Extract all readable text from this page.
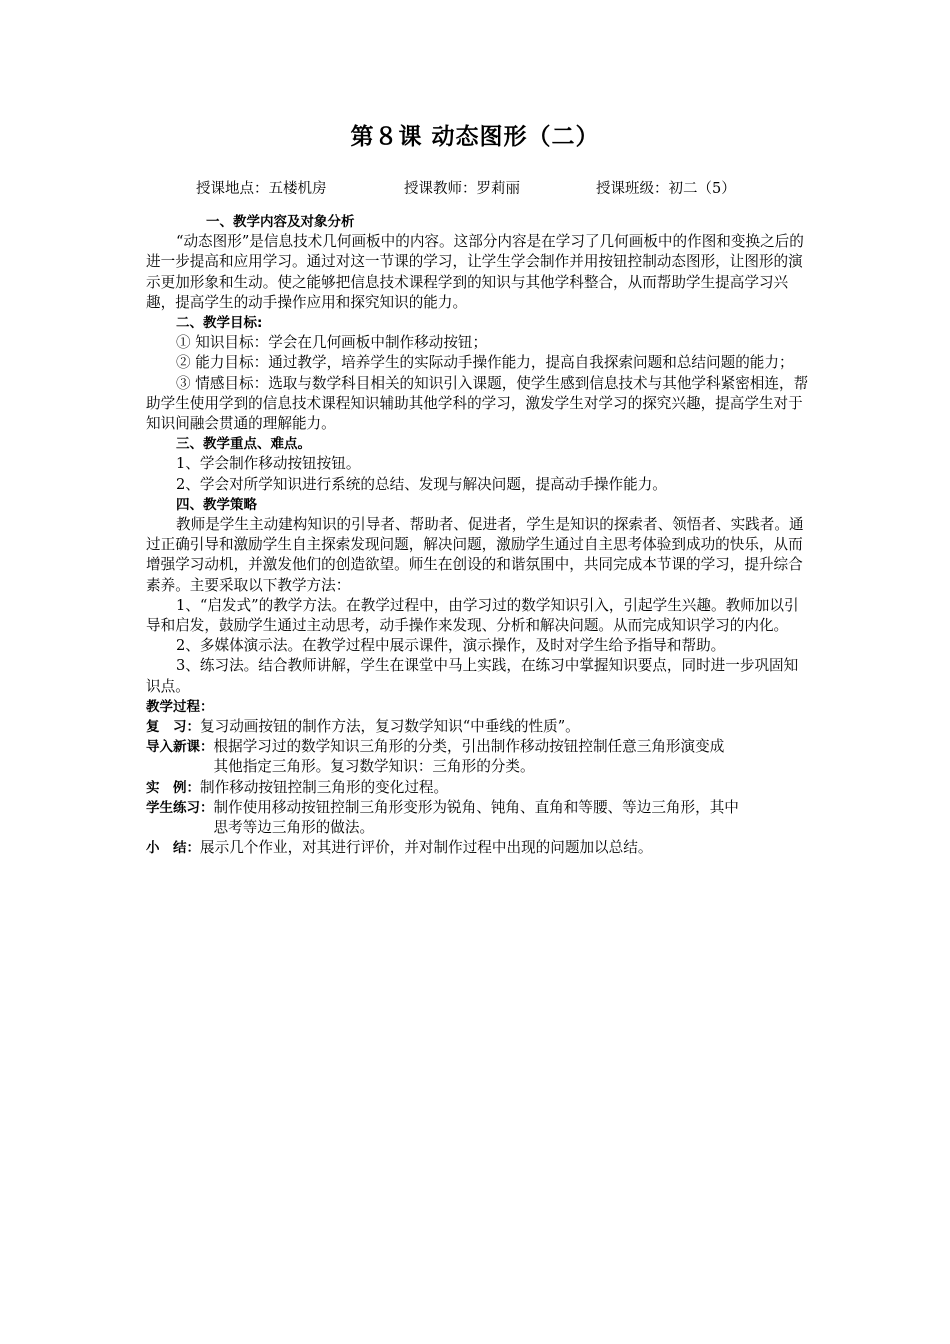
第８课 动态图形（二）
授课地点：五楼机房	授课教师：罗莉丽	授课班级：初二（5）

一、教学内容及对象分析

“动态图形”是信息技术几何画板中的内容。这部分内容是在学习了几何画板中的作图和变换之后的进一步提高和应用学习。通过对这一节课的学习，让学生学会制作并用按钮控制动态图形，让图形的演示更加形象和生动。使之能够把信息技术课程学到的知识与其他学科整合，从而帮助学生提高学习兴趣，提高学生的动手操作应用和探究知识的能力。

二、教学目标:

① 知识目标：学会在几何画板中制作移动按钮；

② 能力目标：通过教学，培养学生的实际动手操作能力，提高自我探索问题和总结问题的能力；

③ 情感目标：选取与数学科目相关的知识引入课题，使学生感到信息技术与其他学科紧密相连，帮助学生使用学到的信息技术课程知识辅助其他学科的学习，激发学生对学习的探究兴趣，提高学生对于知识间融会贯通的理解能力。

三、教学重点、难点。

1、学会制作移动按钮按钮。

2、学会对所学知识进行系统的总结、发现与解决问题，提高动手操作能力。

四、教学策略

教师是学生主动建构知识的引导者、帮助者、促进者，学生是知识的探索者、领悟者、实践者。通过正确引导和激励学生自主探索发现问题，解决问题，激励学生通过自主思考体验到成功的快乐，从而增强学习动机，并激发他们的创造欲望。师生在创设的和谐氛围中，共同完成本节课的学习，提升综合素养。主要采取以下教学方法：

1、“启发式”的教学方法。在教学过程中，由学习过的数学知识引入，引起学生兴趣。教师加以引导和启发，鼓励学生通过主动思考，动手操作来发现、分析和解决问题。从而完成知识学习的内化。

2、多媒体演示法。在教学过程中展示课件，演示操作，及时对学生给予指导和帮助。

3、练习法。结合教师讲解，学生在课堂中马上实践，在练习中掌握知识要点，同时进一步巩固知识点。

教学过程：

复　习： 复习动画按钮的制作方法，复习数学知识“中垂线的性质”。
导入新课： 根据学习过的数学知识三角形的分类，引出制作移动按钮控制任意三角形演变成
其他指定三角形。复习数学知识：三角形的分类。
实　例： 制作移动按钮控制三角形的变化过程。
学生练习： 制作使用移动按钮控制三角形变形为锐角、钝角、直角和等腰、等边三角形，其中
思考等边三角形的做法。
小　结： 展示几个作业，对其进行评价，并对制作过程中出现的问题加以总结。
